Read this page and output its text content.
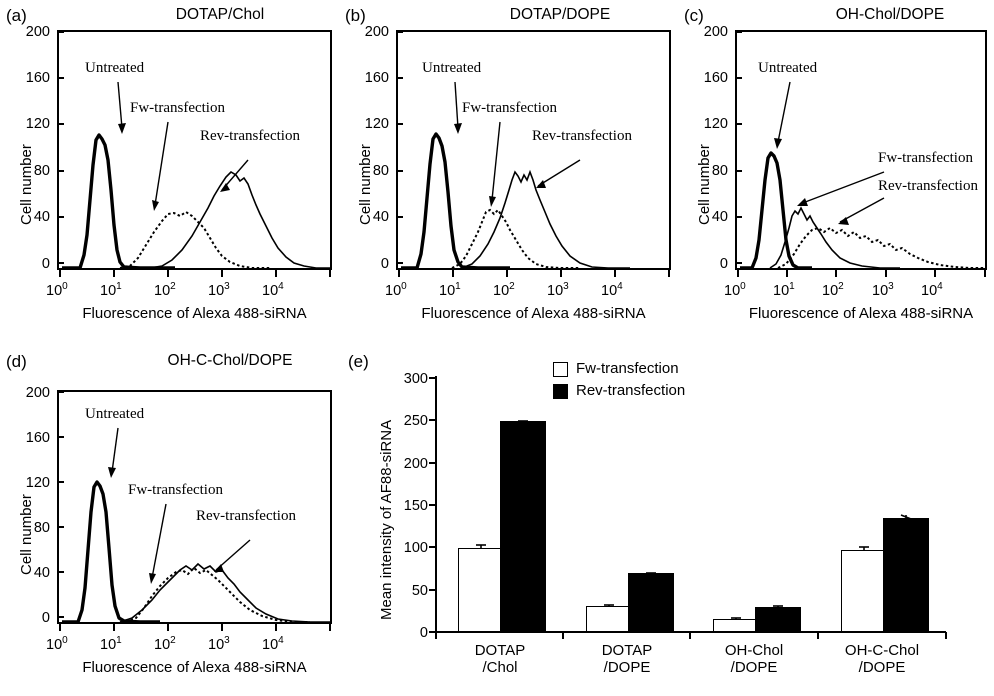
(a)	DOTAP/Chol
Cell number
200
160
120
80
40
0
Untreated
Fw-transfection
Rev-transfection
$10^0$ $10^1$ $10^2$ $10^3$ $10^4$
Fluorescence of Alexa 488-siRNA
(b)	DOTAP/DOPE
Cell number
200
160
120
80
40
0
Untreated
Fw-transfection
Rev-transfection
$10^0$ $10^1$ $10^2$ $10^3$ $10^4$
Fluorescence of Alexa 488-siRNA
(c)	OH-Chol/DOPE
Cell number
200
160
120
80
40
0
Untreated
Fw-transfection
Rev-transfection
$10^0$ $10^1$ $10^2$ $10^3$ $10^4$
Fluorescence of Alexa 488-siRNA
(d)	OH-C-Chol/DOPE
Cell number
200
160
120
80
40
0
Untreated
Fw-transfection
Rev-transfection
$10^0$ $10^1$ $10^2$ $10^3$ $10^4$
Fluorescence of Alexa 488-siRNA
(e)
Mean intensity of AF88-siRNA
Fw-transfection
Rev-transfection
300
250
200
150
100
50
0
DOTAP
/Chol
DOTAP
/DOPE
OH-Chol
/DOPE
OH-C-Chol
/DOPE
